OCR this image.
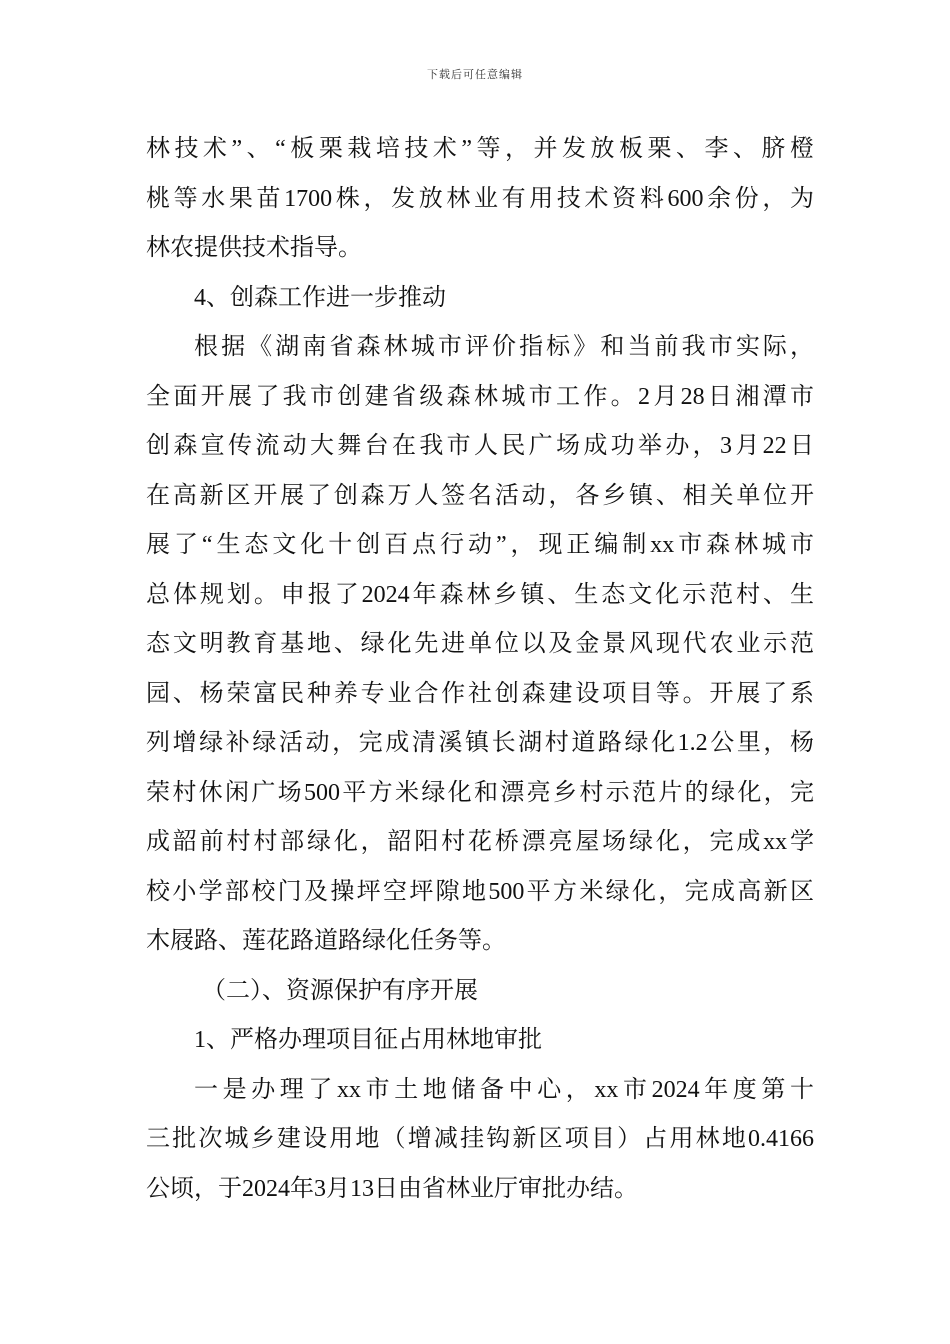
下载后可任意编辑
林技术”、“板栗栽培技术”等，并发放板栗、李、脐橙
桃等水果苗1700株，发放林业有用技术资料600余份，为
林农提供技术指导。
4、创森工作进一步推动
根据《湖南省森林城市评价指标》和当前我市实际，
全面开展了我市创建省级森林城市工作。2月28日湘潭市
创森宣传流动大舞台在我市人民广场成功举办，3月22日
在高新区开展了创森万人签名活动，各乡镇、相关单位开
展了“生态文化十创百点行动”，现正编制xx市森林城市
总体规划。申报了2024年森林乡镇、生态文化示范村、生
态文明教育基地、绿化先进单位以及金景风现代农业示范
园、杨荣富民种养专业合作社创森建设项目等。开展了系
列增绿补绿活动，完成清溪镇长湖村道路绿化1.2公里，杨
荣村休闲广场500平方米绿化和漂亮乡村示范片的绿化，完
成韶前村村部绿化，韶阳村花桥漂亮屋场绿化，完成xx学
校小学部校门及操坪空坪隙地500平方米绿化，完成高新区
木屐路、莲花路道路绿化任务等。
（二）、资源保护有序开展
1、严格办理项目征占用林地审批
一是办理了xx市土地储备中心，xx市2024年度第十
三批次城乡建设用地（增减挂钩新区项目）占用林地0.4166
公顷，于2024年3月13日由省林业厅审批办结。
